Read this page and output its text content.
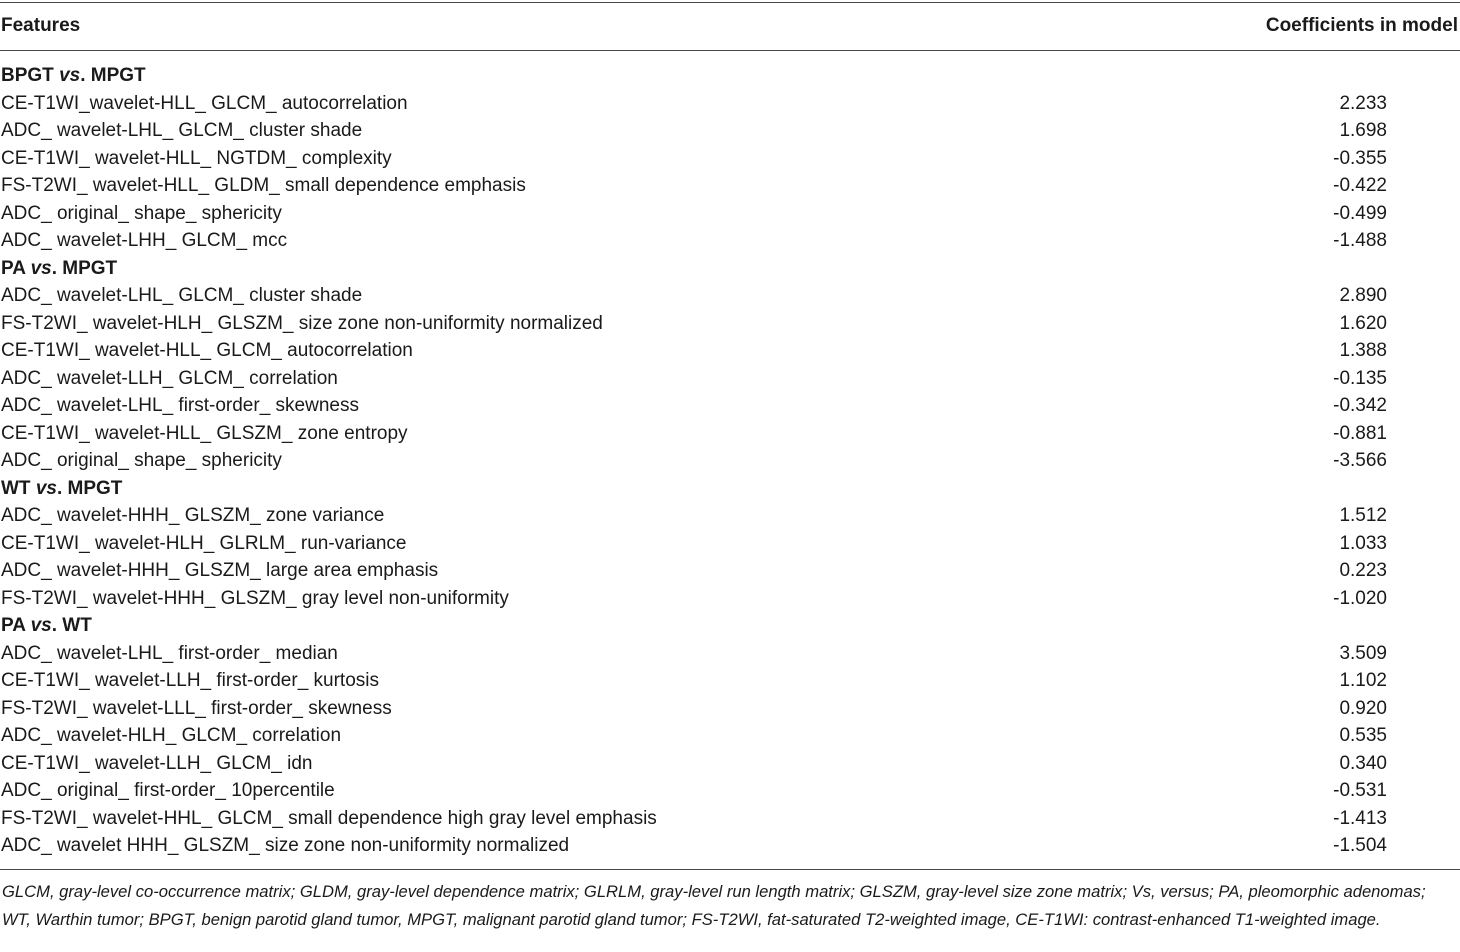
Features	Coefficients in model
BPGT vs. MPGT
CE-T1WI_wavelet-HLL_ GLCM_ autocorrelation	2.233
ADC_ wavelet-LHL_ GLCM_ cluster shade	1.698
CE-T1WI_ wavelet-HLL_ NGTDM_ complexity	-0.355
FS-T2WI_ wavelet-HLL_ GLDM_ small dependence emphasis	-0.422
ADC_ original_ shape_ sphericity	-0.499
ADC_ wavelet-LHH_ GLCM_ mcc	-1.488
PA vs. MPGT
ADC_ wavelet-LHL_ GLCM_ cluster shade	2.890
FS-T2WI_ wavelet-HLH_ GLSZM_ size zone non-uniformity normalized	1.620
CE-T1WI_ wavelet-HLL_ GLCM_ autocorrelation	1.388
ADC_ wavelet-LLH_ GLCM_ correlation	-0.135
ADC_ wavelet-LHL_ first-order_ skewness	-0.342
CE-T1WI_ wavelet-HLL_ GLSZM_ zone entropy	-0.881
ADC_ original_ shape_ sphericity	-3.566
WT vs. MPGT
ADC_ wavelet-HHH_ GLSZM_ zone variance	1.512
CE-T1WI_ wavelet-HLH_ GLRLM_ run-variance	1.033
ADC_ wavelet-HHH_ GLSZM_ large area emphasis	0.223
FS-T2WI_ wavelet-HHH_ GLSZM_ gray level non-uniformity	-1.020
PA vs. WT
ADC_ wavelet-LHL_ first-order_ median	3.509
CE-T1WI_ wavelet-LLH_ first-order_ kurtosis	1.102
FS-T2WI_ wavelet-LLL_ first-order_ skewness	0.920
ADC_ wavelet-HLH_ GLCM_ correlation	0.535
CE-T1WI_ wavelet-LLH_ GLCM_ idn	0.340
ADC_ original_ first-order_ 10percentile	-0.531
FS-T2WI_ wavelet-HHL_ GLCM_ small dependence high gray level emphasis	-1.413
ADC_ wavelet HHH_ GLSZM_ size zone non-uniformity normalized	-1.504
GLCM, gray-level co-occurrence matrix; GLDM, gray-level dependence matrix; GLRLM, gray-level run length matrix; GLSZM, gray-level size zone matrix; Vs, versus; PA, pleomorphic adenomas; WT, Warthin tumor; BPGT, benign parotid gland tumor, MPGT, malignant parotid gland tumor; FS-T2WI, fat-saturated T2-weighted image, CE-T1WI: contrast-enhanced T1-weighted image.
